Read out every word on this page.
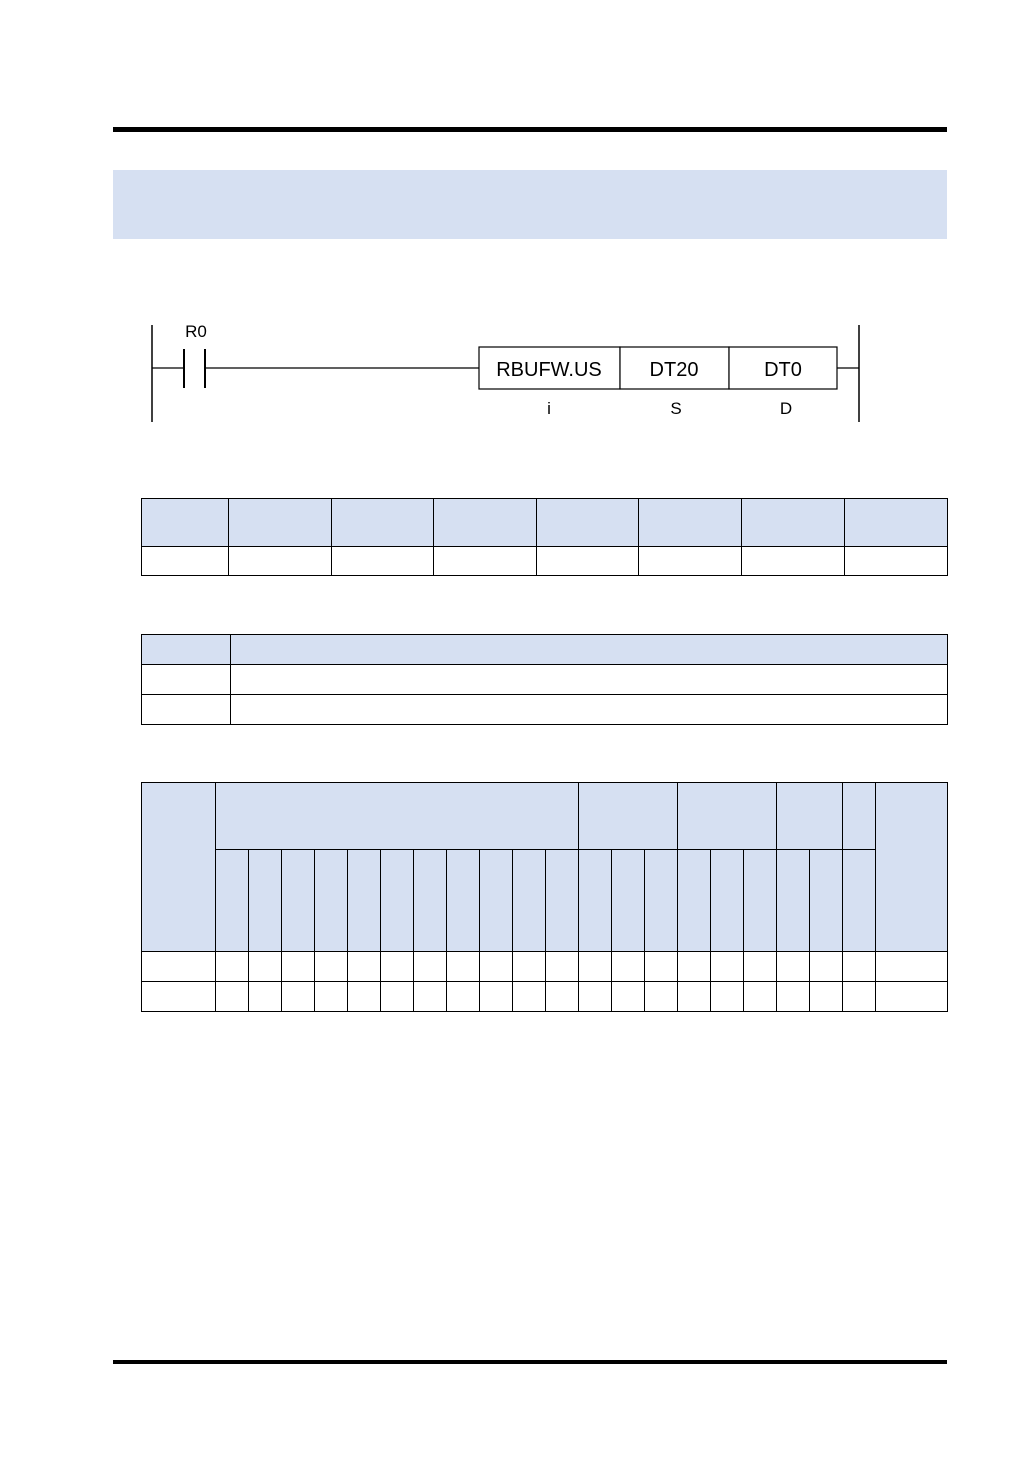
R0
RBUFW.US DT20	DT0
i	S	D
